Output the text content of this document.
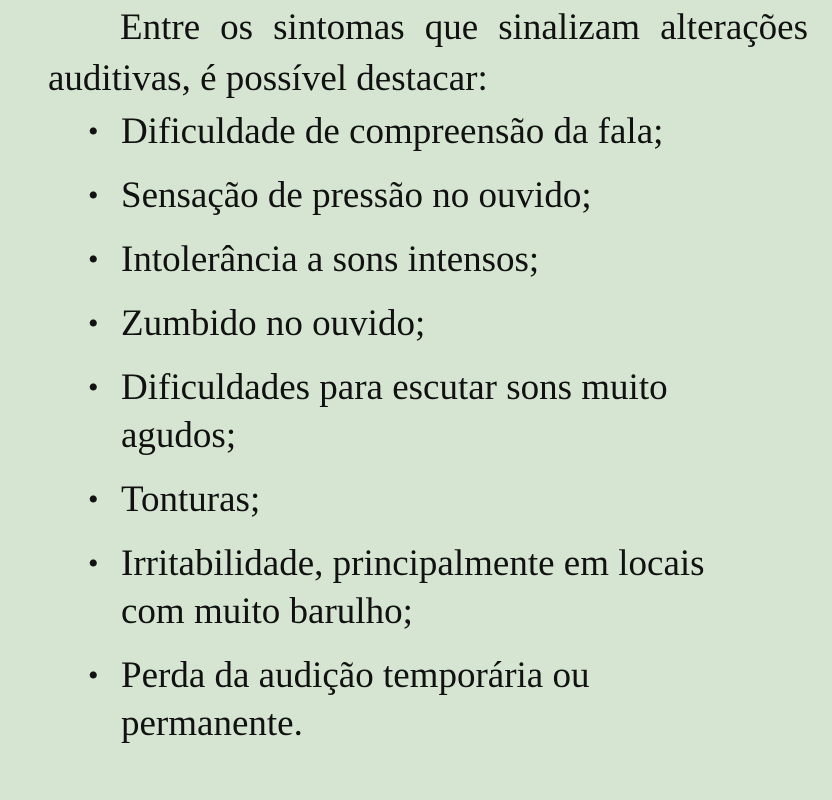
Entre os sintomas que sinalizam alterações auditivas, é possível destacar:

• Dificuldade de compreensão da fala;
• Sensação de pressão no ouvido;
• Intolerância a sons intensos;
• Zumbido no ouvido;
• Dificuldades para escutar sons muito agudos;
• Tonturas;
• Irritabilidade, principalmente em locais com muito barulho;
• Perda da audição temporária ou permanente.
